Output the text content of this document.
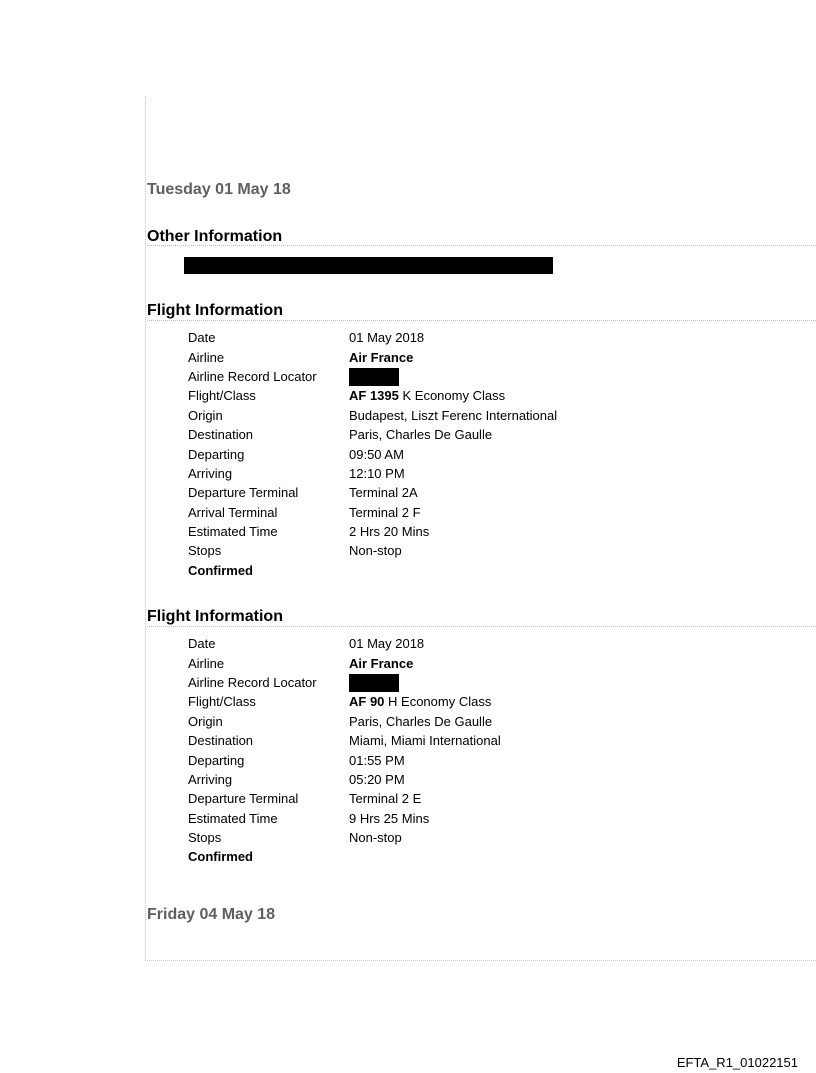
Tuesday 01 May 18
Other Information
Flight Information
Date	01 May 2018
Airline	Air France
Airline Record Locator
Flight/Class	AF 1395 K Economy Class
Origin	Budapest, Liszt Ferenc International
Destination	Paris, Charles De Gaulle
Departing	09:50 AM
Arriving	12:10 PM
Departure Terminal	Terminal 2A
Arrival Terminal	Terminal 2 F
Estimated Time	2 Hrs 20 Mins
Stops	Non-stop
Confirmed
Flight Information
Date	01 May 2018
Airline	Air France
Airline Record Locator
Flight/Class	AF 90 H Economy Class
Origin	Paris, Charles De Gaulle
Destination	Miami, Miami International
Departing	01:55 PM
Arriving	05:20 PM
Departure Terminal	Terminal 2 E
Estimated Time	9 Hrs 25 Mins
Stops	Non-stop
Confirmed
Friday 04 May 18
EFTA_R1_01022151
